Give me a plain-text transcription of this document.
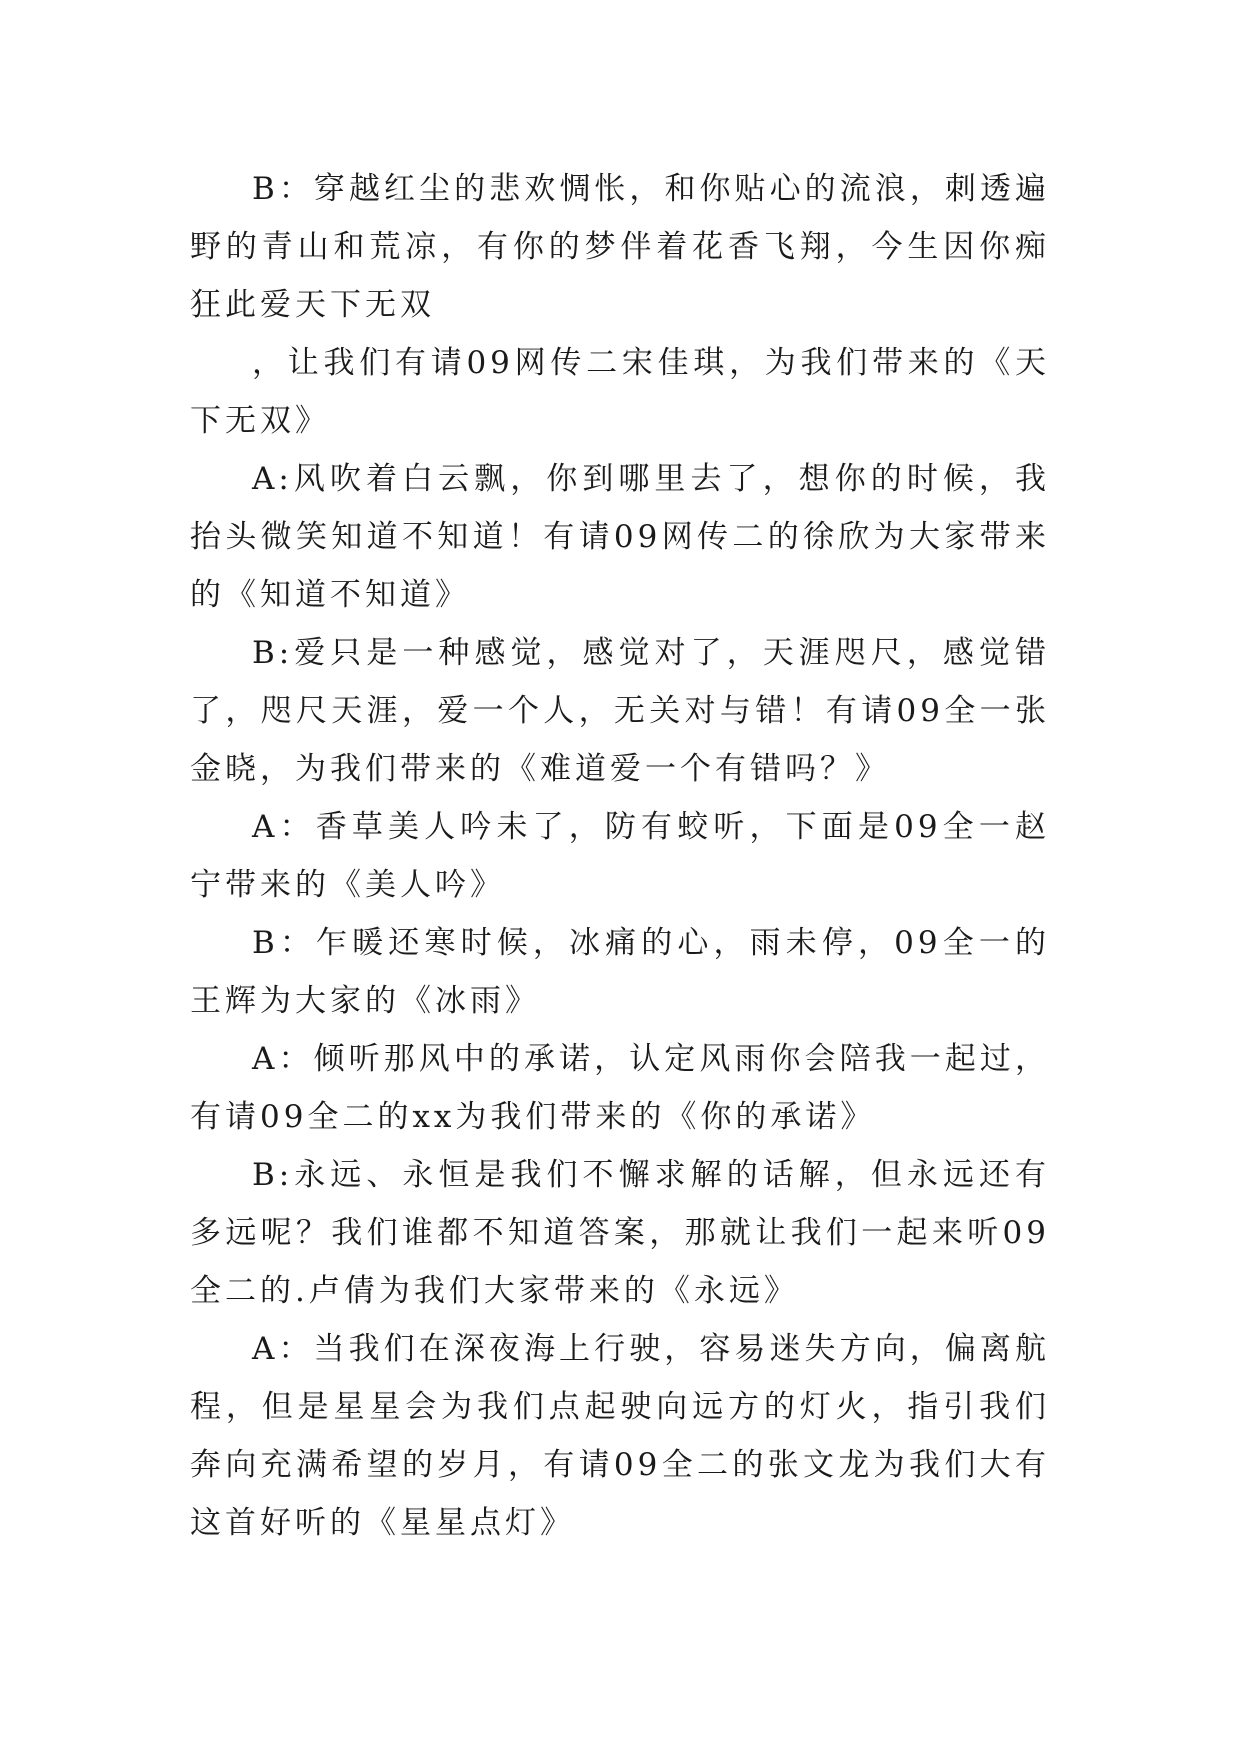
B：穿越红尘的悲欢惆怅，和你贴心的流浪，刺透遍野的青山和荒凉，有你的梦伴着花香飞翔，今生因你痴狂此爱天下无双

，让我们有请09网传二宋佳琪，为我们带来的《天下无双》

A:风吹着白云飘，你到哪里去了，想你的时候，我抬头微笑知道不知道！有请09网传二的徐欣为大家带来的《知道不知道》

B:爱只是一种感觉，感觉对了，天涯咫尺，感觉错了，咫尺天涯，爱一个人，无关对与错！有请09全一张金晓，为我们带来的《难道爱一个有错吗？》

A：香草美人吟未了，防有蛟听，下面是09全一赵宁带来的《美人吟》

B：乍暖还寒时候，冰痛的心，雨未停，09全一的王辉为大家的《冰雨》

A：倾听那风中的承诺，认定风雨你会陪我一起过，有请09全二的xx为我们带来的《你的承诺》

B:永远、永恒是我们不懈求解的话解，但永远还有多远呢？我们谁都不知道答案，那就让我们一起来听09全二的.卢倩为我们大家带来的《永远》

A：当我们在深夜海上行驶，容易迷失方向，偏离航程，但是星星会为我们点起驶向远方的灯火，指引我们奔向充满希望的岁月，有请09全二的张文龙为我们大有这首好听的《星星点灯》
